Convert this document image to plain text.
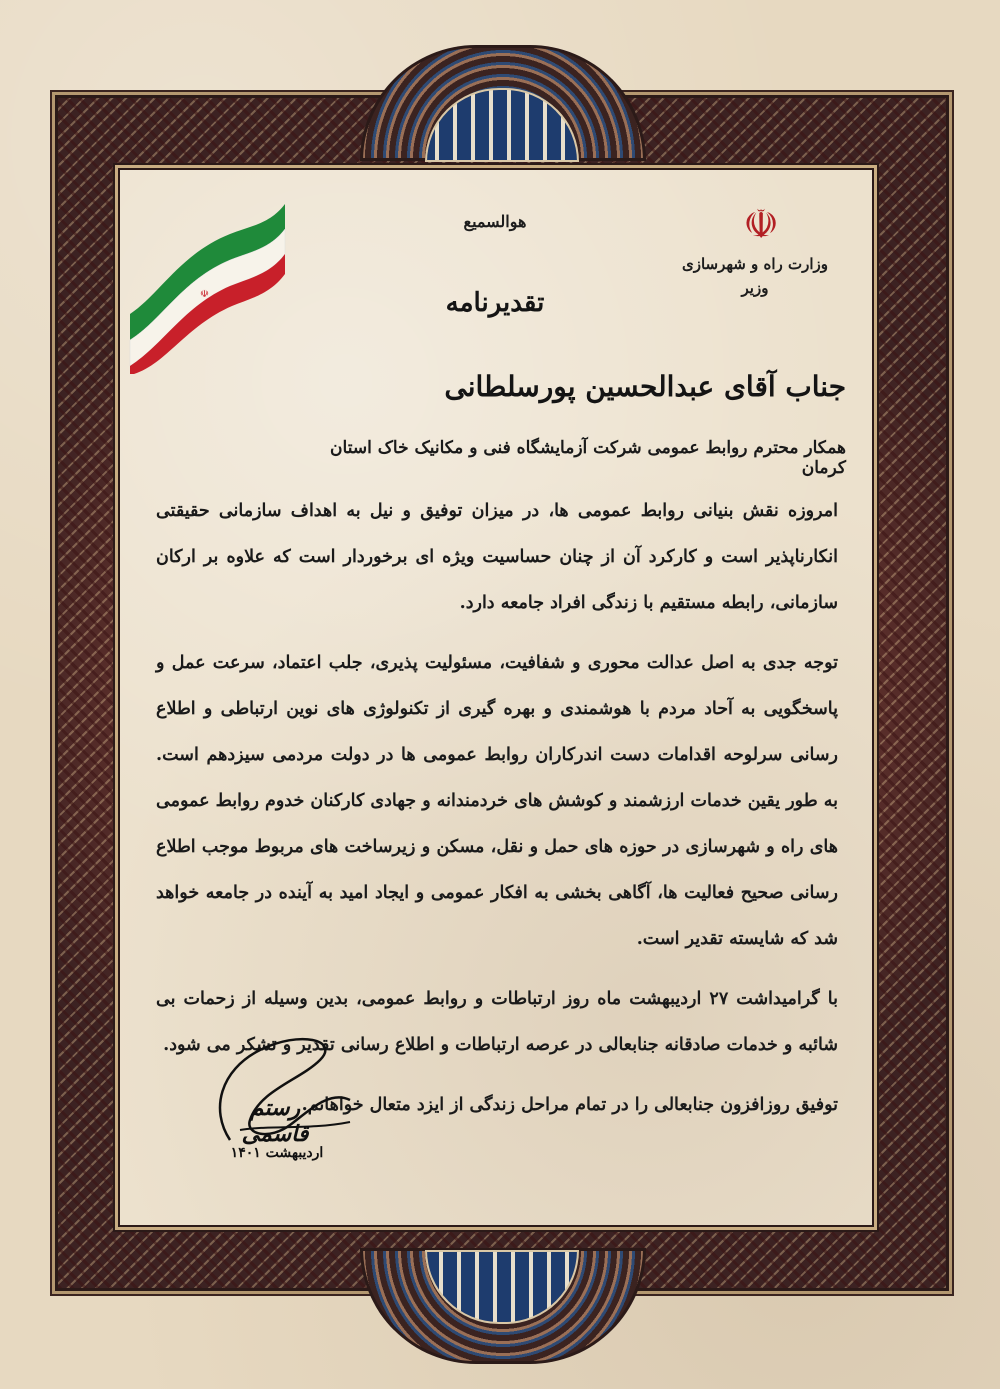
☫
☫
وزارت راه و شهرسازی
وزیر
هوالسمیع
تقدیرنامه
جناب آقای عبدالحسین پورسلطانی
همکار محترم روابط عمومی شرکت آزمایشگاه فنی و مکانیک خاک استان کرمان

امروزه نقش بنیانی روابط عمومی ها، در میزان توفیق و نیل به اهداف سازمانی حقیقتی انکارناپذیر است و کارکرد آن از چنان حساسیت ویژه ای برخوردار است که علاوه بر ارکان سازمانی، رابطه مستقیم با زندگی افراد جامعه دارد.

توجه جدی به اصل عدالت محوری و شفافیت، مسئولیت پذیری، جلب اعتماد، سرعت عمل و پاسخگویی به آحاد مردم با هوشمندی و بهره گیری از تکنولوژی های نوین ارتباطی و اطلاع رسانی سرلوحه اقدامات دست اندرکاران روابط عمومی ها در دولت مردمی سیزدهم است. به طور یقین خدمات ارزشمند و کوشش های خردمندانه و جهادی کارکنان خدوم روابط عمومی های راه و شهرسازی در حوزه های حمل و نقل، مسکن و زیرساخت های مربوط موجب اطلاع رسانی صحیح فعالیت ها، آگاهی بخشی به افکار عمومی و ایجاد امید به آینده در جامعه خواهد شد که شایسته تقدیر است.

با گرامیداشت ۲۷ اردیبهشت ماه روز ارتباطات و روابط عمومی، بدین وسیله از زحمات بی شائبه و خدمات صادقانه جنابعالی در عرصه ارتباطات و اطلاع رسانی تقدیر و تشکر می شود.

توفیق روزافزون جنابعالی را در تمام مراحل زندگی از ایزد متعال خواهانم.

رستم قاسمی
اردیبهشت ۱۴۰۱
